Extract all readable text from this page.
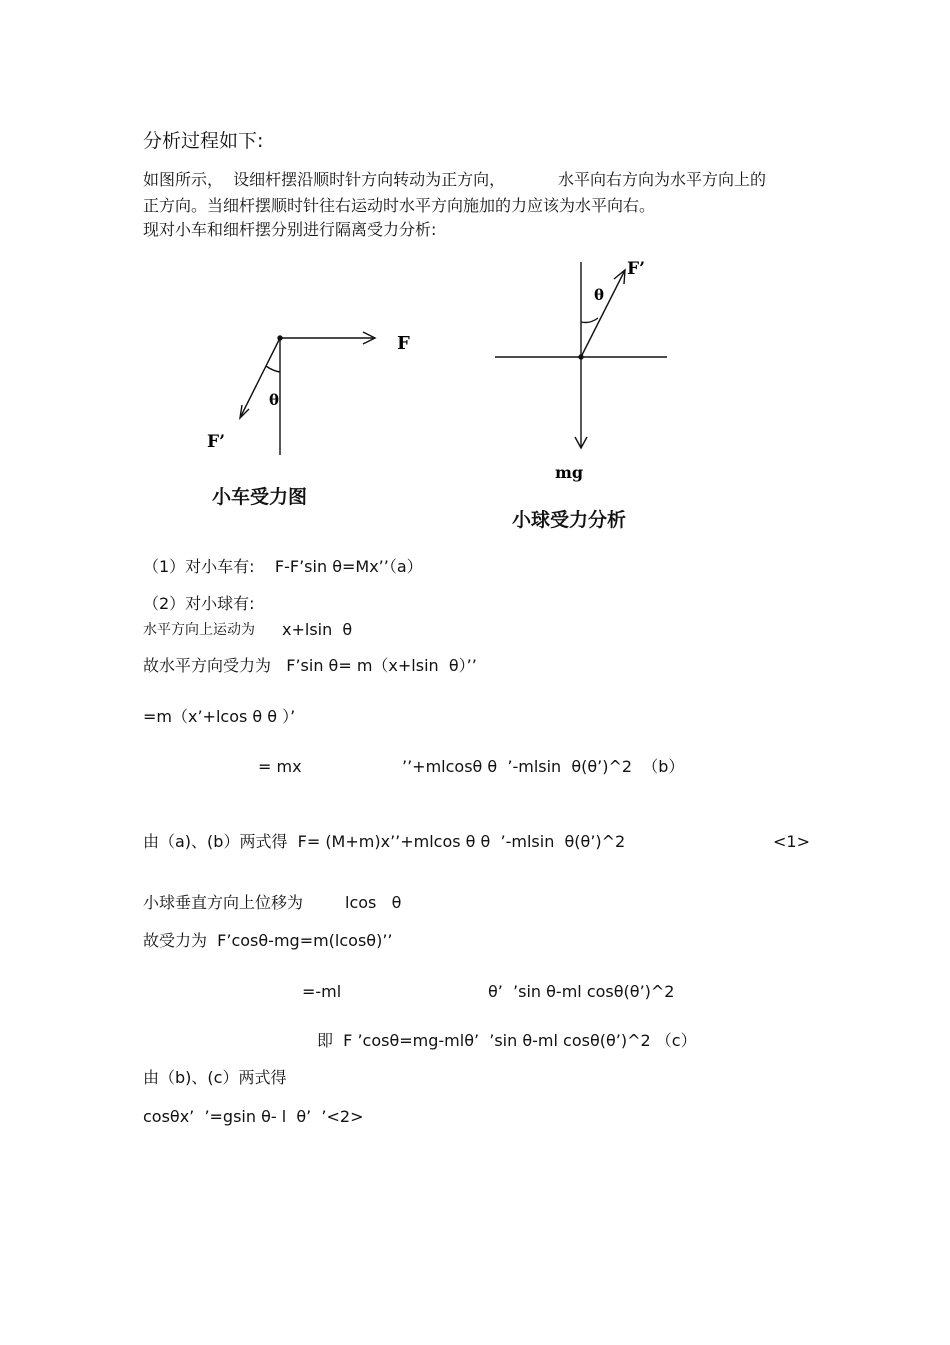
分析过程如下:
如图所示，  设细杆摆沿顺时针方向转动为正方向，	水平向右方向为水平方向上的
正方向。当细杆摆顺时针往右运动时水平方向施加的力应该为水平向右。
现对小车和细杆摆分别进行隔离受力分析:
F
F’
θ
F’
θ
mg
小车受力图
小球受力分析
（1）对小车有:    F-F’sin θ=Mx’’（a）
（2）对小球有:
水平方向上运动为 x+lsin  θ
故水平方向受力为   F’sin θ= m（x+lsin  θ）’’
=m（x’+lcos θ θ ）’
= mx	’’+mlcosθ θ  ’-mlsin  θ(θ’)^2  （b）
由（a)、(b）两式得  F= (M+m)x’’+mlcos θ θ  ’-mlsin  θ(θ’)^2	<1>
小球垂直方向上位移为	lcos   θ
故受力为  F’cosθ-mg=m(lcosθ)’’
=-ml	θ’  ’sin θ-ml cosθ(θ’)^2
即  F ’cosθ=mg-mlθ’  ’sin θ-ml cosθ(θ’)^2 （c）
由（b)、(c）两式得
cosθx’  ’=gsin θ- l  θ’  ’<2>
